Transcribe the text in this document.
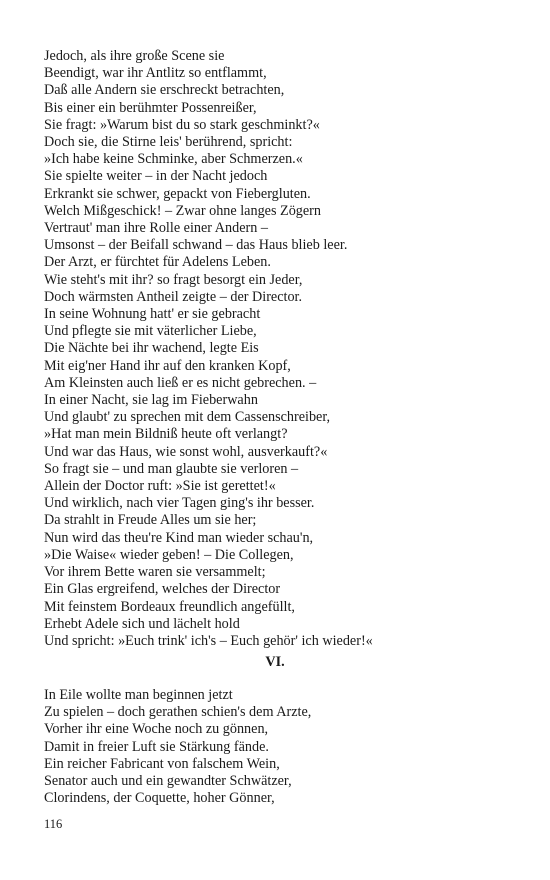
Jedoch, als ihre große Scene sie
Beendigt, war ihr Antlitz so entflammt,
Daß alle Andern sie erschreckt betrachten,
Bis einer ein berühmter Possenreißer,
Sie fragt: »Warum bist du so stark geschminkt?«
Doch sie, die Stirne leis' berührend, spricht:
»Ich habe keine Schminke, aber Schmerzen.«
Sie spielte weiter – in der Nacht jedoch
Erkrankt sie schwer, gepackt von Fiebergluten.
Welch Mißgeschick! – Zwar ohne langes Zögern
Vertraut' man ihre Rolle einer Andern –
Umsonst – der Beifall schwand – das Haus blieb leer.
Der Arzt, er fürchtet für Adelens Leben.
Wie steht's mit ihr? so fragt besorgt ein Jeder,
Doch wärmsten Antheil zeigte – der Director.
In seine Wohnung hatt' er sie gebracht
Und pflegte sie mit väterlicher Liebe,
Die Nächte bei ihr wachend, legte Eis
Mit eig'ner Hand ihr auf den kranken Kopf,
Am Kleinsten auch ließ er es nicht gebrechen. –
In einer Nacht, sie lag im Fieberwahn
Und glaubt' zu sprechen mit dem Cassenschreiber,
»Hat man mein Bildniß heute oft verlangt?
Und war das Haus, wie sonst wohl, ausverkauft?«
So fragt sie – und man glaubte sie verloren –
Allein der Doctor ruft: »Sie ist gerettet!«
Und wirklich, nach vier Tagen ging's ihr besser.
Da strahlt in Freude Alles um sie her;
Nun wird das theu're Kind man wieder schau'n,
»Die Waise« wieder geben! – Die Collegen,
Vor ihrem Bette waren sie versammelt;
Ein Glas ergreifend, welches der Director
Mit feinstem Bordeaux freundlich angefüllt,
Erhebt Adele sich und lächelt hold
Und spricht: »Euch trink' ich's – Euch gehör' ich wieder!«
VI.
In Eile wollte man beginnen jetzt
Zu spielen – doch gerathen schien's dem Arzte,
Vorher ihr eine Woche noch zu gönnen,
Damit in freier Luft sie Stärkung fände.
Ein reicher Fabricant von falschem Wein,
Senator auch und ein gewandter Schwätzer,
Clorindens, der Coquette, hoher Gönner,
116
